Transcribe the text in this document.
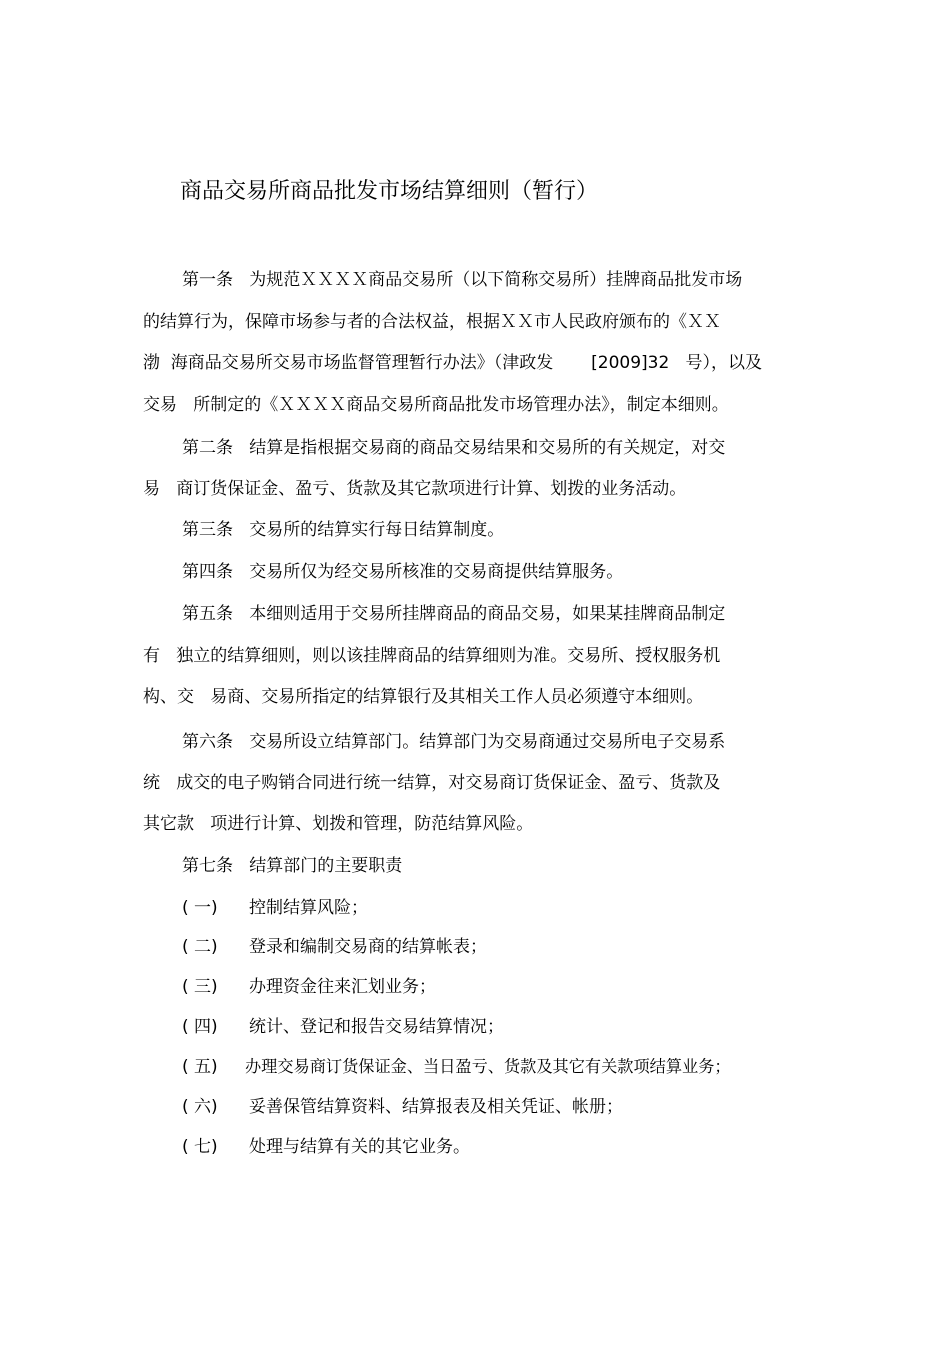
商品交易所商品批发市场结算细则（暂行）
第一条   为规范ＸＸＸＸ商品交易所（以下简称交易所）挂牌商品批发市场
的结算行为，保障市场参与者的合法权益，根据ＸＸ市人民政府颁布的《ＸＸ
渤  海商品交易所交易市场监督管理暂行办法》（津政发       [2009]32   号），以及
交易   所制定的《ＸＸＸＸ商品交易所商品批发市场管理办法》，制定本细则。
第二条   结算是指根据交易商的商品交易结果和交易所的有关规定，对交
易   商订货保证金、盈亏、货款及其它款项进行计算、划拨的业务活动。
第三条   交易所的结算实行每日结算制度。
第四条   交易所仅为经交易所核准的交易商提供结算服务。
第五条   本细则适用于交易所挂牌商品的商品交易，如果某挂牌商品制定
有   独立的结算细则，则以该挂牌商品的结算细则为准。交易所、授权服务机
构、交   易商、交易所指定的结算银行及其相关工作人员必须遵守本细则。
第六条   交易所设立结算部门。结算部门为交易商通过交易所电子交易系
统   成交的电子购销合同进行统一结算，对交易商订货保证金、盈亏、货款及
其它款   项进行计算、划拨和管理，防范结算风险。
第七条   结算部门的主要职责
( 一) 控制结算风险；
( 二) 登录和编制交易商的结算帐表；
( 三) 办理资金往来汇划业务；
( 四) 统计、登记和报告交易结算情况；
( 五) 办理交易商订货保证金、当日盈亏、货款及其它有关款项结算业务；
( 六) 妥善保管结算资料、结算报表及相关凭证、帐册；
( 七) 处理与结算有关的其它业务。
